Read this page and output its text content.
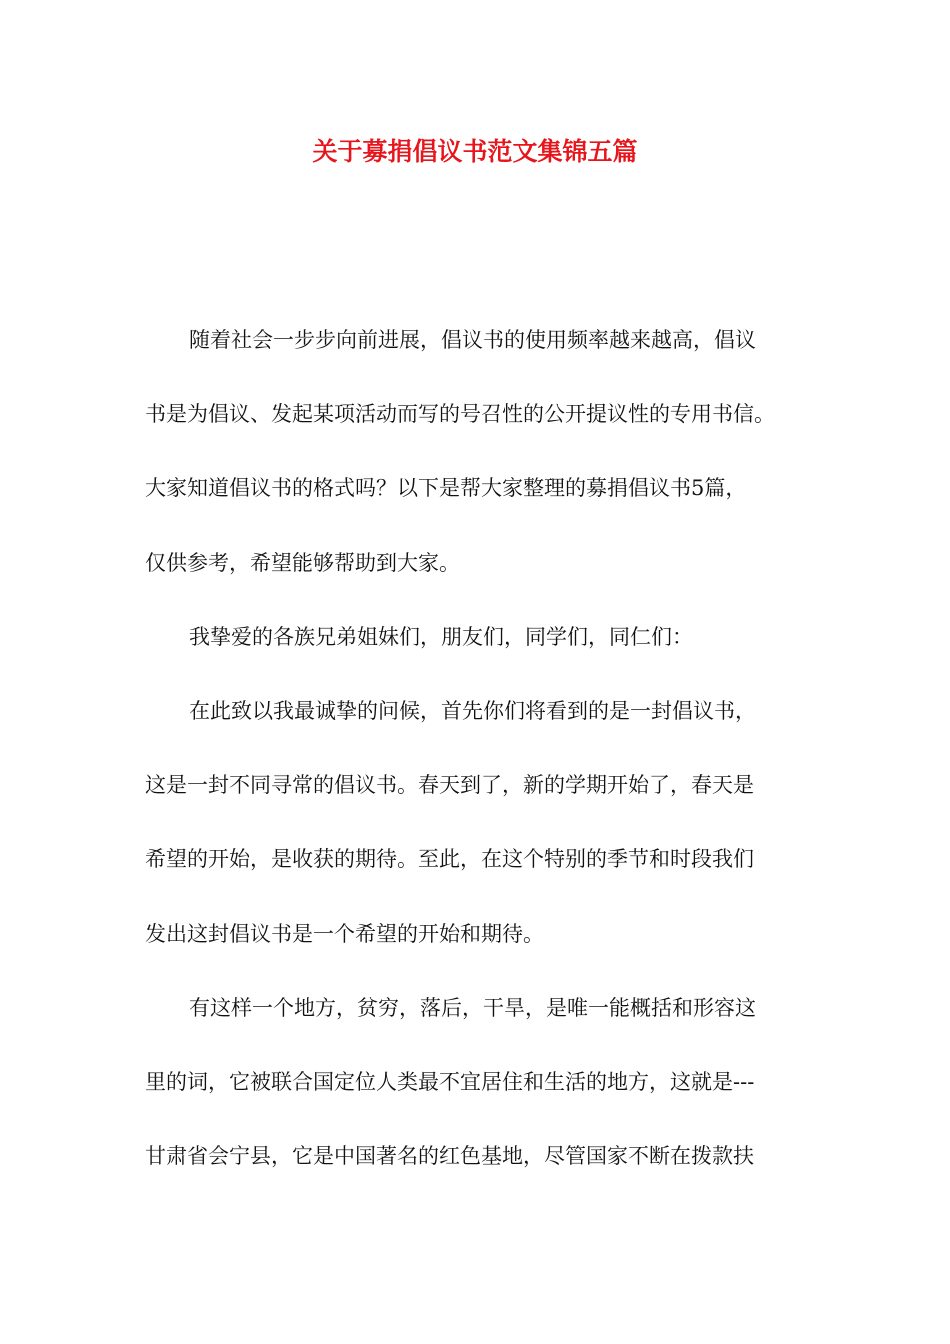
关于募捐倡议书范文集锦五篇
随着社会一步步向前进展，倡议书的使用频率越来越高，倡议
书是为倡议、发起某项活动而写的号召性的公开提议性的专用书信。
大家知道倡议书的格式吗？以下是帮大家整理的募捐倡议书5篇，
仅供参考，希望能够帮助到大家。
我挚爱的各族兄弟姐妹们，朋友们，同学们，同仁们：
在此致以我最诚挚的问候，首先你们将看到的是一封倡议书，
这是一封不同寻常的倡议书。春天到了，新的学期开始了，春天是
希望的开始，是收获的期待。至此，在这个特别的季节和时段我们
发出这封倡议书是一个希望的开始和期待。
有这样一个地方，贫穷，落后，干旱，是唯一能概括和形容这
里的词，它被联合国定位人类最不宜居住和生活的地方，这就是---
甘肃省会宁县，它是中国著名的红色基地，尽管国家不断在拨款扶
